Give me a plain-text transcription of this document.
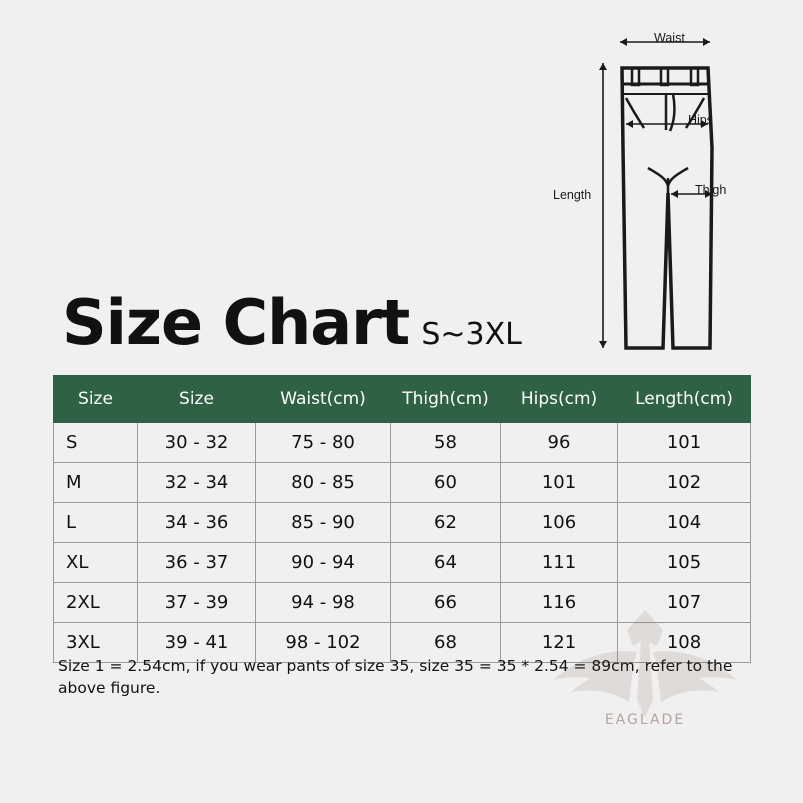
Waist
Hips
Thigh
Length
Size Chart S~3XL
Size	Size	Waist(cm)	Thigh(cm)	Hips(cm)	Length(cm)
S	30 - 32	75 - 80	58	96	101
M	32 - 34	80 - 85	60	101	102
L	34 - 36	85 - 90	62	106	104
XL	36 - 37	90 - 94	64	111	105
2XL	37 - 39	94 - 98	66	116	107
3XL	39 - 41	98 - 102	68	121	108
Size 1 = 2.54cm, if you wear pants of size 35, size 35 = 35 * 2.54 = 89cm, refer to the above figure.
EAGLADE
